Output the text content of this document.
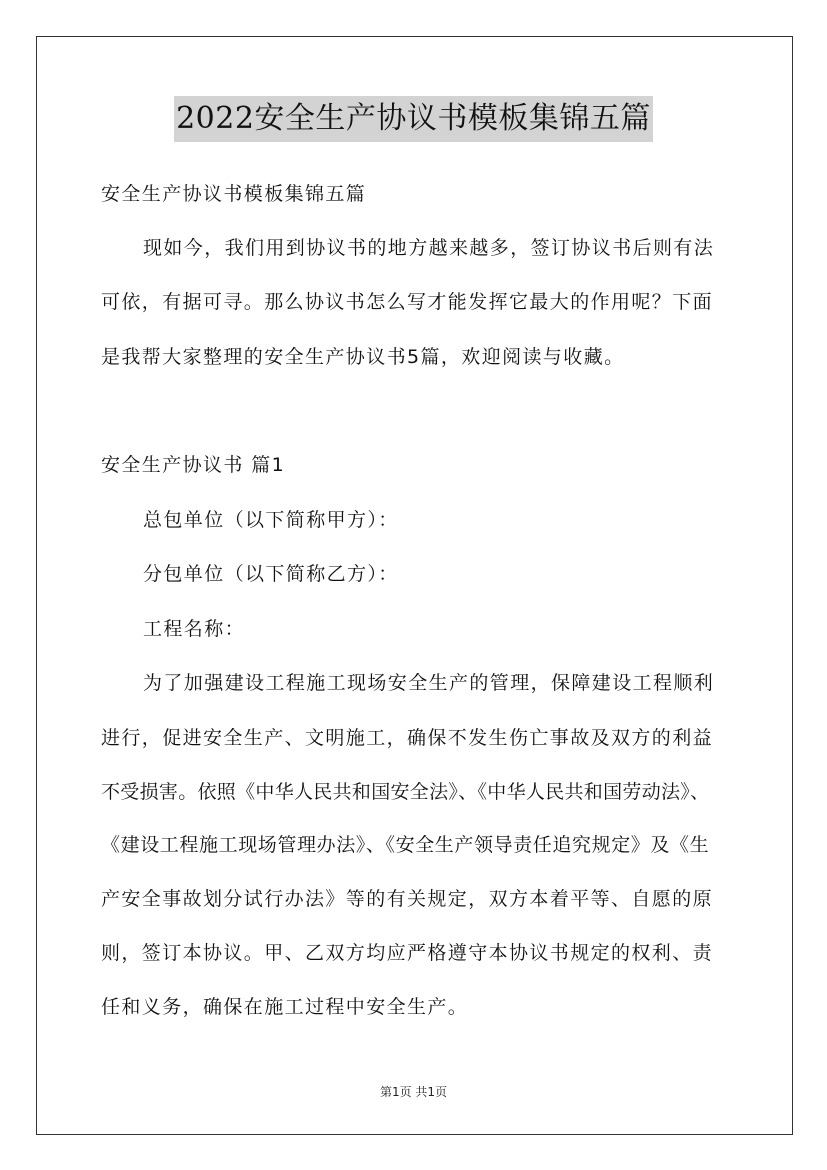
2022安全生产协议书模板集锦五篇
安全生产协议书模板集锦五篇
现如今，我们用到协议书的地方越来越多，签订协议书后则有法
可依，有据可寻。那么协议书怎么写才能发挥它最大的作用呢？下面
是我帮大家整理的安全生产协议书5篇，欢迎阅读与收藏。
安全生产协议书 篇1
总包单位（以下简称甲方）：
分包单位（以下简称乙方）：
工程名称：
为了加强建设工程施工现场安全生产的管理，保障建设工程顺利
进行，促进安全生产、文明施工，确保不发生伤亡事故及双方的利益
不受损害。依照《中华人民共和国安全法》、《中华人民共和国劳动法》、
《建设工程施工现场管理办法》、《安全生产领导责任追究规定》及《生
产安全事故划分试行办法》等的有关规定，双方本着平等、自愿的原
则，签订本协议。甲、乙双方均应严格遵守本协议书规定的权利、责
任和义务，确保在施工过程中安全生产。
第1页 共1页
